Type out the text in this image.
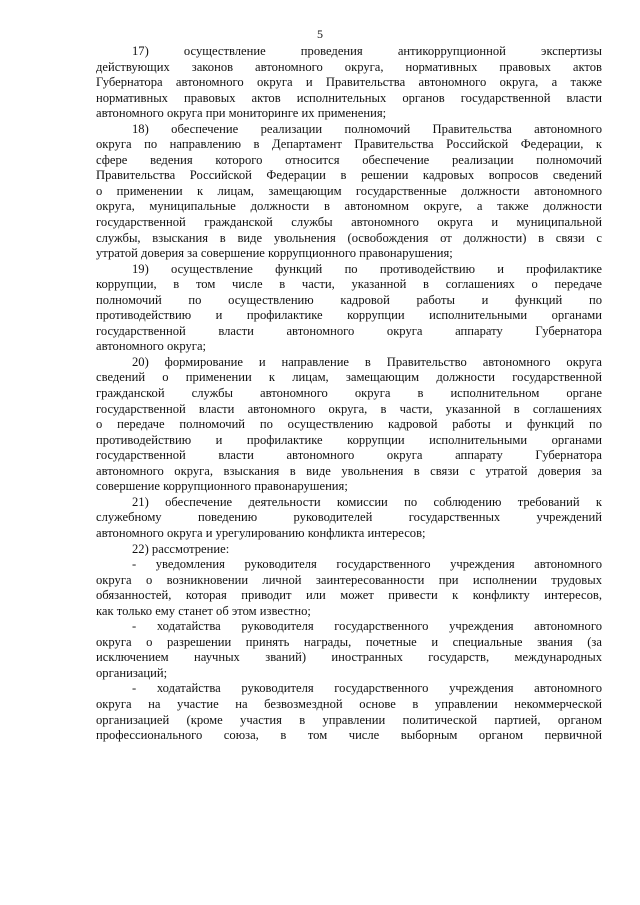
5
17) осуществление проведения антикоррупционной экспертизы
действующих законов автономного округа, нормативных правовых актов
Губернатора автономного округа и Правительства автономного округа, а также
нормативных правовых актов исполнительных органов государственной власти
автономного округа при мониторинге их применения;
18) обеспечение реализации полномочий Правительства автономного
округа по направлению в Департамент Правительства Российской Федерации, к
сфере ведения которого относится обеспечение реализации полномочий
Правительства Российской Федерации в решении кадровых вопросов сведений
о применении к лицам, замещающим государственные должности автономного
округа, муниципальные должности в автономном округе, а также должности
государственной гражданской службы автономного округа и муниципальной
службы, взыскания в виде увольнения (освобождения от должности) в связи с
утратой доверия за совершение коррупционного правонарушения;
19) осуществление функций по противодействию и профилактике
коррупции, в том числе в части, указанной в соглашениях о передаче
полномочий по осуществлению кадровой работы и функций по
противодействию и профилактике коррупции исполнительными органами
государственной власти автономного округа аппарату Губернатора
автономного округа;
20) формирование и направление в Правительство автономного округа
сведений о применении к лицам, замещающим должности государственной
гражданской службы автономного округа в исполнительном органе
государственной власти автономного округа, в части, указанной в соглашениях
о передаче полномочий по осуществлению кадровой работы и функций по
противодействию и профилактике коррупции исполнительными органами
государственной власти автономного округа аппарату Губернатора
автономного округа, взыскания в виде увольнения в связи с утратой доверия за
совершение коррупционного правонарушения;
21) обеспечение деятельности комиссии по соблюдению требований к
служебному поведению руководителей государственных учреждений
автономного округа и урегулированию конфликта интересов;
22) рассмотрение:
- уведомления руководителя государственного учреждения автономного
округа о возникновении личной заинтересованности при исполнении трудовых
обязанностей, которая приводит или может привести к конфликту интересов,
как только ему станет об этом известно;
- ходатайства руководителя государственного учреждения автономного
округа о разрешении принять награды, почетные и специальные звания (за
исключением научных званий) иностранных государств, международных
организаций;
- ходатайства руководителя государственного учреждения автономного
округа на участие на безвозмездной основе в управлении некоммерческой
организацией (кроме участия в управлении политической партией, органом
профессионального союза, в том числе выборным органом первичной
